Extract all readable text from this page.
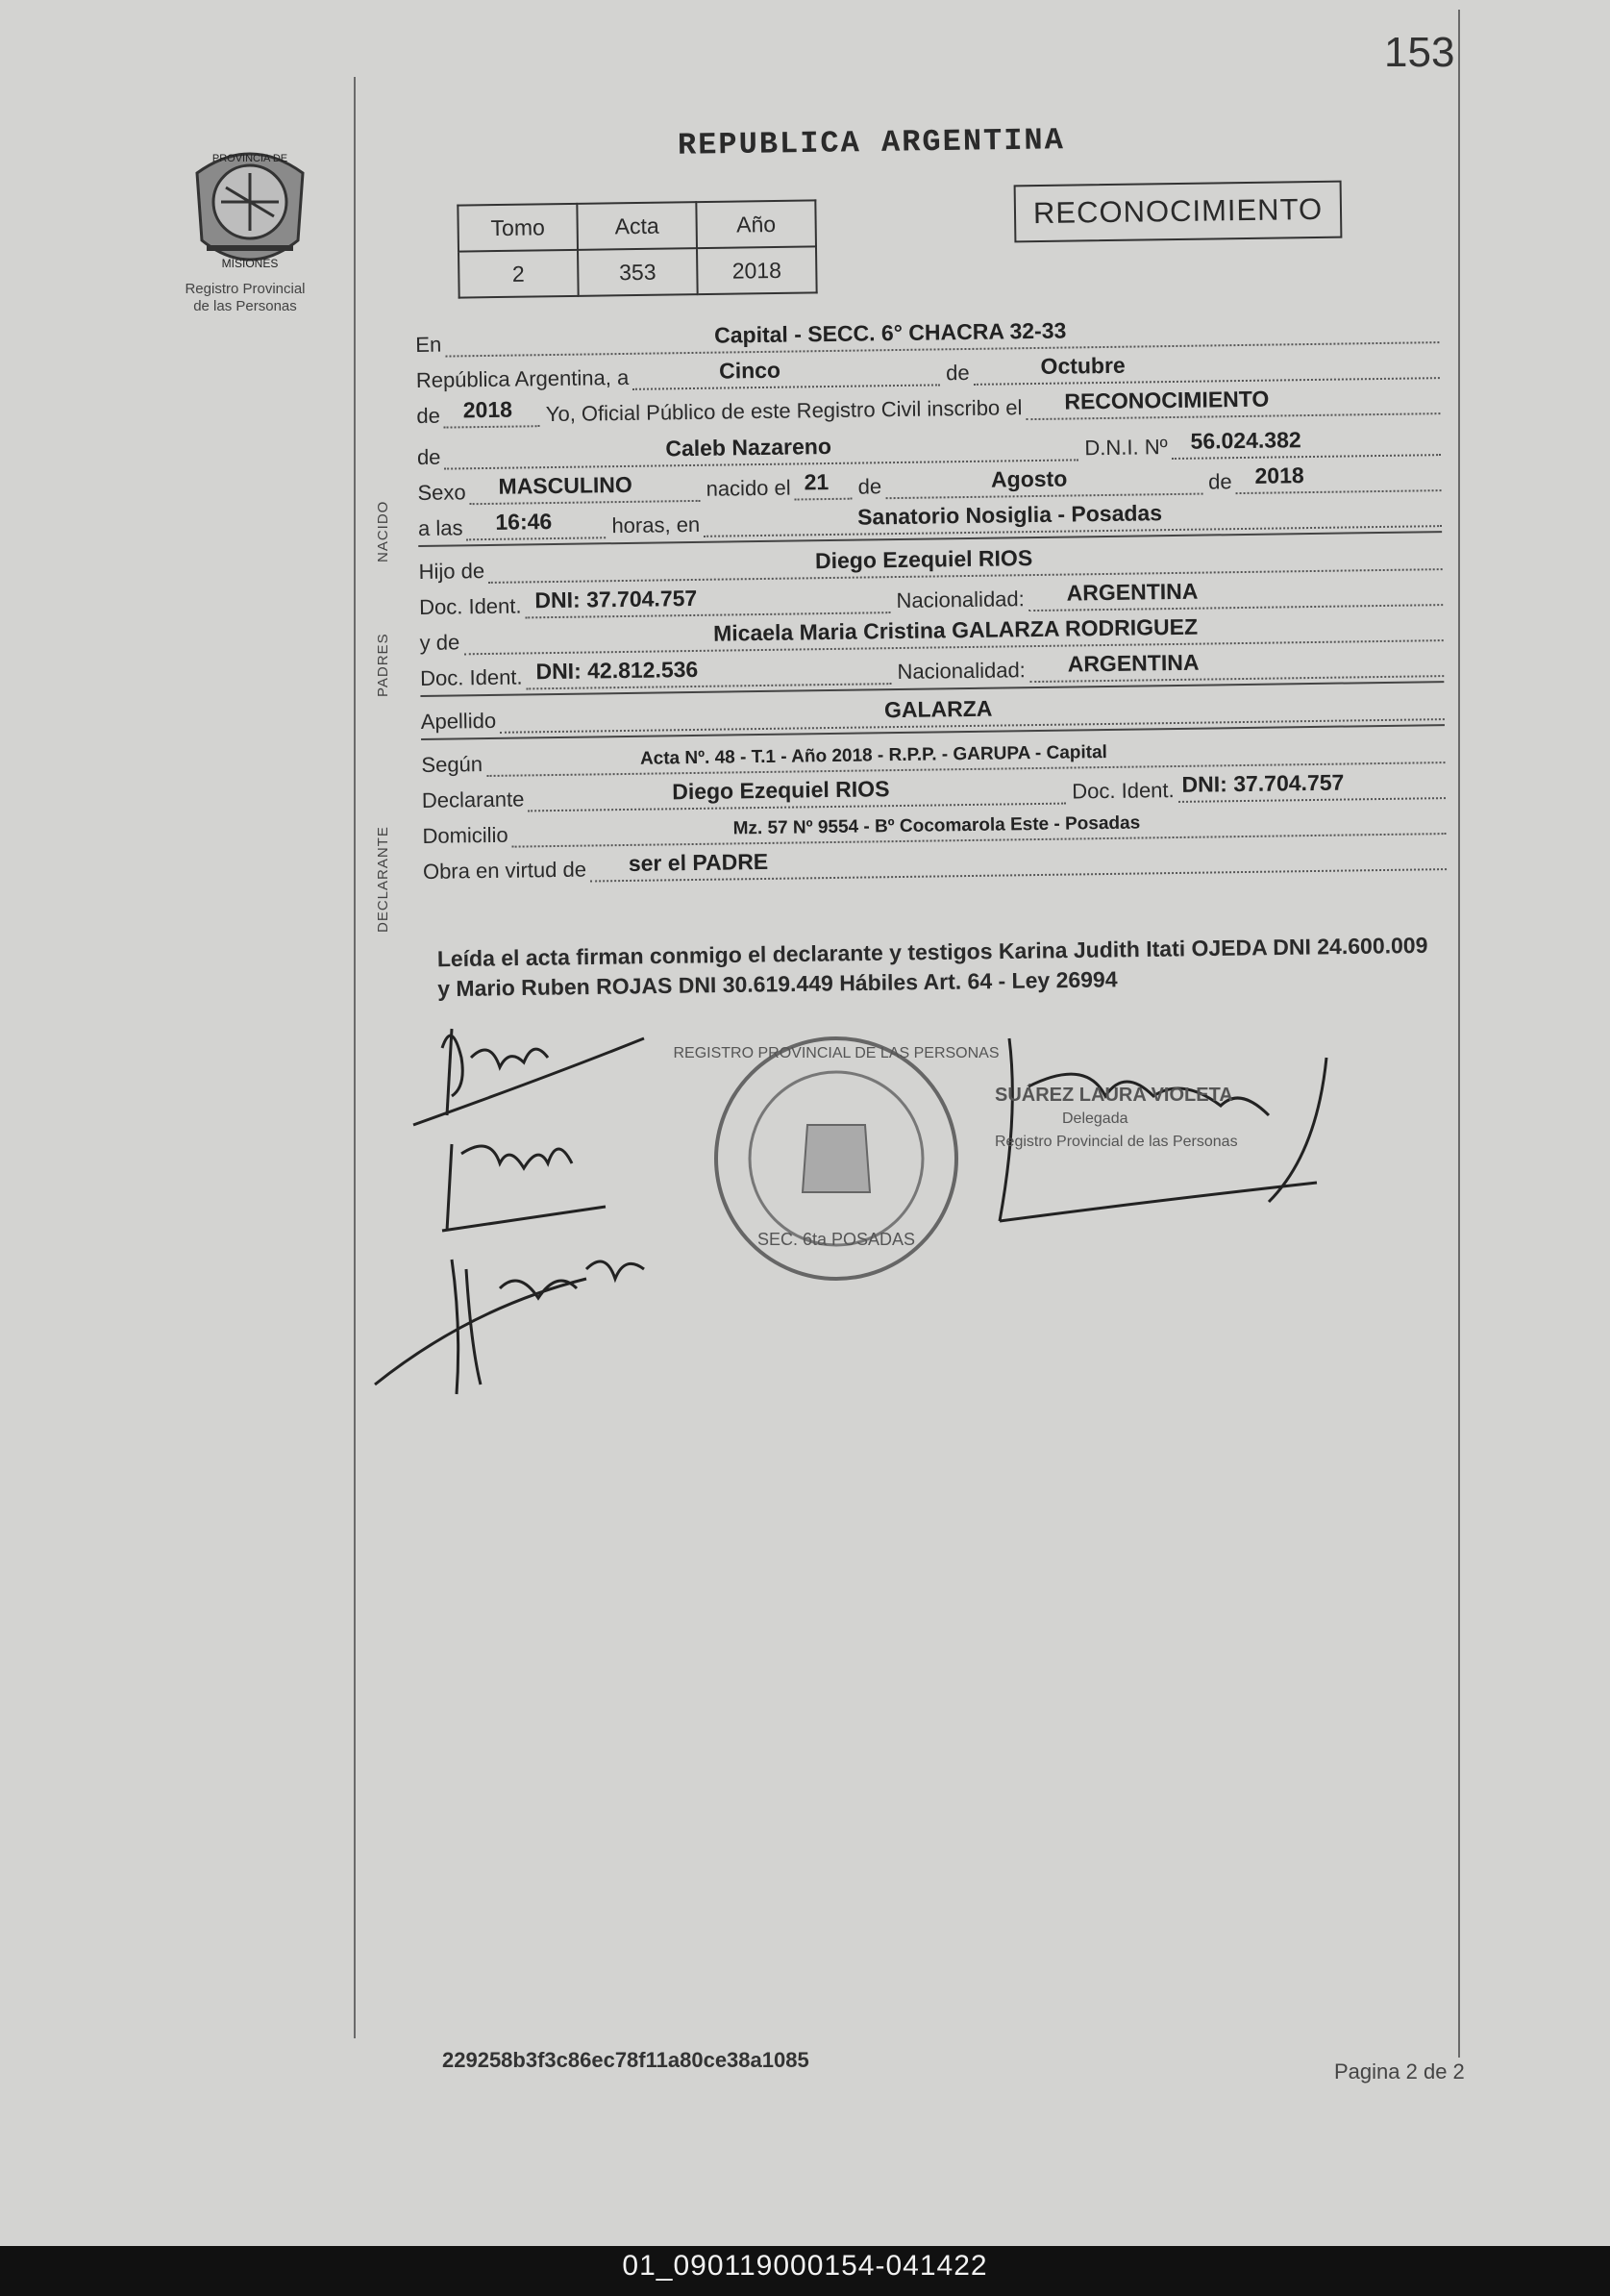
153
PROVINCIA DE
MISIONES
Registro Provincial
de las Personas
REPUBLICA ARGENTINA
Tomo	Acta	Año
2	353	2018
RECONOCIMIENTO
NACIDO
PADRES
DECLARANTE
En	Capital - SECC. 6° CHACRA 32-33
República Argentina, a	Cinco	de	Octubre
de 2018 Yo, Oficial Público de este Registro Civil inscribo el RECONOCIMIENTO
de	Caleb Nazareno	D.N.I. Nº 56.024.382
Sexo MASCULINO	nacido el 21 de	Agosto	de 2018
a las 16:46	horas, en	Sanatorio Nosiglia - Posadas
Hijo de	Diego Ezequiel RIOS
Doc. Ident. DNI: 37.704.757	Nacionalidad: ARGENTINA
y de	Micaela Maria Cristina GALARZA RODRIGUEZ
Doc. Ident. DNI: 42.812.536	Nacionalidad: ARGENTINA
Apellido	GALARZA
Según	Acta Nº. 48 - T.1 - Año 2018 - R.P.P. - GARUPA - Capital
Declarante	Diego Ezequiel RIOS	Doc. Ident. DNI: 37.704.757
Domicilio	Mz. 57 Nº 9554 - Bº Cocomarola Este - Posadas
Obra en virtud de ser el PADRE
Leída el acta firman conmigo el declarante y testigos Karina Judith Itati OJEDA DNI 24.600.009 y Mario Ruben ROJAS DNI 30.619.449 Hábiles Art. 64 - Ley 26994
REGISTRO PROVINCIAL DE LAS PERSONAS
SEC. 6ta POSADAS
SUÁREZ LAURA VIOLETA
Delegada
Registro Provincial de las Personas
229258b3f3c86ec78f11a80ce38a1085	Pagina 2 de 2
01_090119000154-041422
